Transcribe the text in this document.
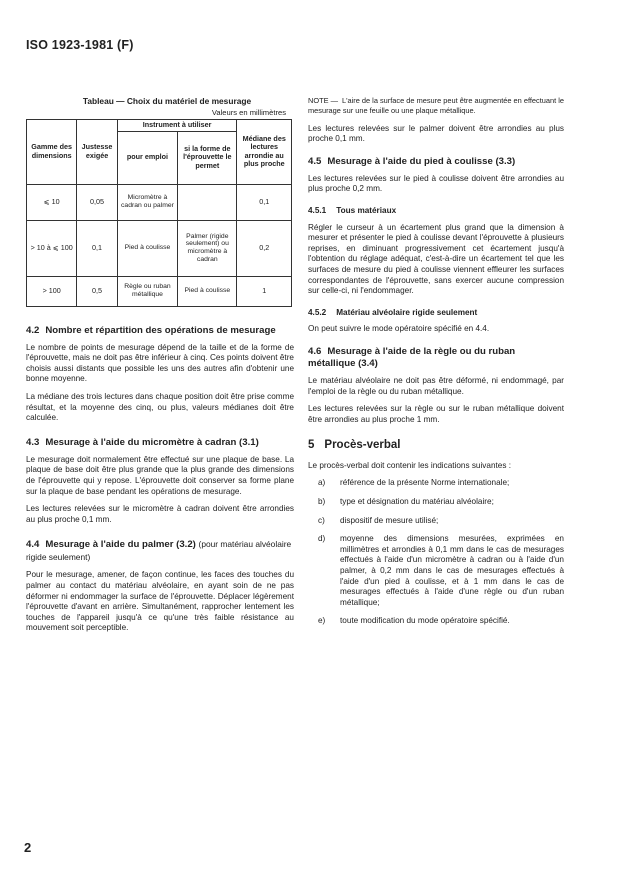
ISO 1923-1981 (F)
Tableau — Choix du matériel de mesurage
Valeurs en millimètres
Gamme des dimensions	Justesse exigée	Instrument à utiliser		Médiane des lectures arrondie au plus proche
		pour emploi	si la forme de l'éprouvette le permet	
⩽ 10	0,05	Micromètre à cadran ou palmer		0,1
> 10 à ⩽ 100	0,1	Pied à coulisse	Palmer (rigide seulement) ou micromètre à cadran	0,2
> 100	0,5	Règle ou ruban métallique	Pied à coulisse	1
4.2 Nombre et répartition des opérations de mesurage

Le nombre de points de mesurage dépend de la taille et de la forme de l'éprouvette, mais ne doit pas être inférieur à cinq. Ces points doivent être choisis aussi distants que possible les uns des autres afin d'obtenir une bonne moyenne.

La médiane des trois lectures dans chaque position doit être prise comme résultat, et la moyenne des cinq, ou plus, valeurs médianes doit être calculée.

4.3 Mesurage à l'aide du micromètre à cadran (3.1)

Le mesurage doit normalement être effectué sur une plaque de base. La plaque de base doit être plus grande que la plus grande des dimensions de l'éprouvette qui y repose. L'éprouvette doit conserver sa forme plane sur la plaque de base pendant les opérations de mesurage.

Les lectures relevées sur le micromètre à cadran doivent être arrondies au plus proche 0,1 mm.

4.4 Mesurage à l'aide du palmer (3.2) (pour matériau alvéolaire rigide seulement)

Pour le mesurage, amener, de façon continue, les faces des touches du palmer au contact du matériau alvéolaire, en ayant soin de ne pas déformer ni endommager la surface de l'éprouvette. Déplacer légèrement l'éprouvette d'avant en arrière. Simultanément, rapprocher lentement les touches de l'appareil jusqu'à ce qu'une très faible résistance au mouvement soit perceptible.

NOTE — L'aire de la surface de mesure peut être augmentée en effectuant le mesurage sur une feuille ou une plaque métallique.

Les lectures relevées sur le palmer doivent être arrondies au plus proche 0,1 mm.

4.5 Mesurage à l'aide du pied à coulisse (3.3)

Les lectures relevées sur le pied à coulisse doivent être arrondies au plus proche 0,2 mm.

4.5.1 Tous matériaux

Régler le curseur à un écartement plus grand que la dimension à mesurer et présenter le pied à coulisse devant l'éprouvette à plusieurs reprises, en diminuant progressivement cet écartement jusqu'à l'obtention du réglage adéquat, c'est-à-dire un écartement tel que les surfaces de mesure du pied à coulisse viennent effleurer les surfaces correspondantes de l'éprouvette, sans exercer aucune compression sur celle-ci, ni l'endommager.

4.5.2 Matériau alvéolaire rigide seulement

On peut suivre le mode opératoire spécifié en 4.4.

4.6 Mesurage à l'aide de la règle ou du ruban métallique (3.4)

Le matériau alvéolaire ne doit pas être déformé, ni endommagé, par l'emploi de la règle ou du ruban métallique.

Les lectures relevées sur la règle ou sur le ruban métallique doivent être arrondies au plus proche 1 mm.

5 Procès-verbal

Le procès-verbal doit contenir les indications suivantes :

a)	référence de la présente Norme internationale;
b)	type et désignation du matériau alvéolaire;
c)	dispositif de mesure utilisé;
d)	moyenne des dimensions mesurées, exprimées en millimètres et arrondies à 0,1 mm dans le cas de mesurages effectués à l'aide d'un micromètre à cadran ou à l'aide d'un palmer, à 0,2 mm dans le cas de mesurages effectués à l'aide d'un pied à coulisse, et à 1 mm dans le cas de mesurages effectués à l'aide d'une règle ou d'un ruban métallique;
e)	toute modification du mode opératoire spécifié.
2
